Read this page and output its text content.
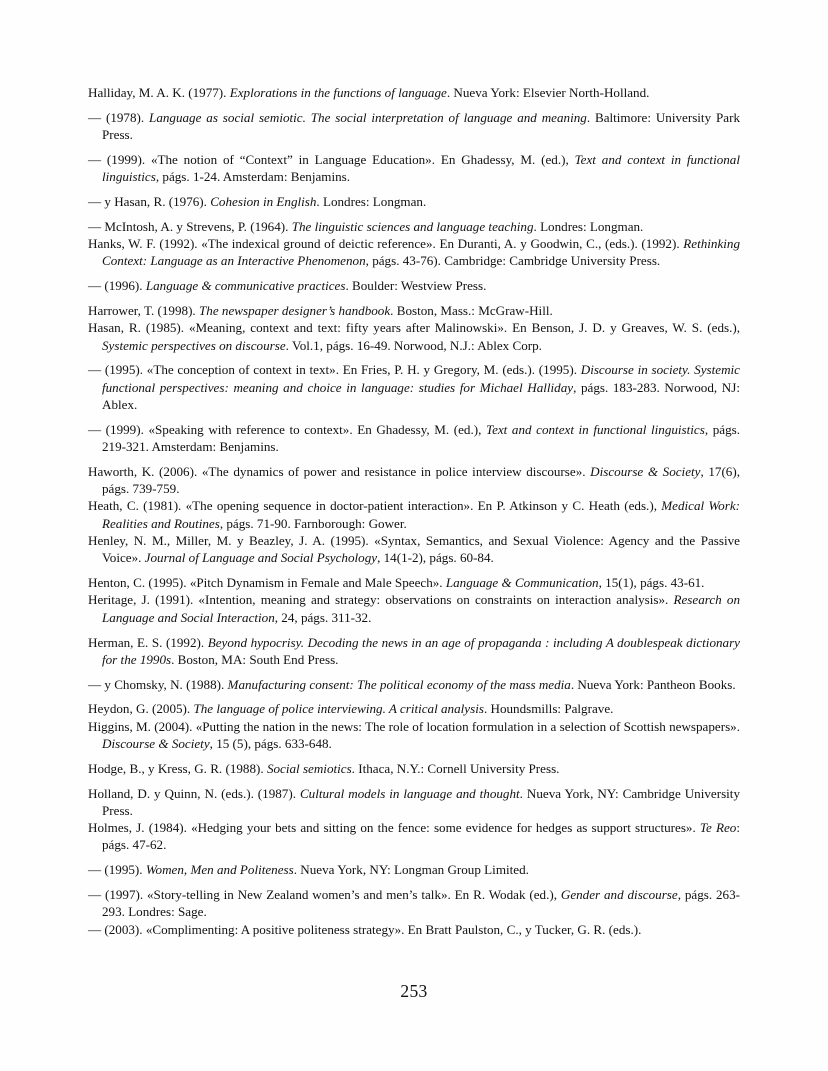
Halliday, M. A. K. (1977). Explorations in the functions of language. Nueva York: Elsevier North-Holland.

— (1978). Language as social semiotic. The social interpretation of language and meaning. Baltimore: University Park Press.

— (1999). «The notion of “Context” in Language Education». En Ghadessy, M. (ed.), Text and context in functional linguistics, págs. 1-24. Amsterdam: Benjamins.

— y Hasan, R. (1976). Cohesion in English. Londres: Longman.

— McIntosh, A. y Strevens, P. (1964). The linguistic sciences and language teaching. Londres: Longman.

Hanks, W. F. (1992). «The indexical ground of deictic reference». En Duranti, A. y Goodwin, C., (eds.). (1992). Rethinking Context: Language as an Interactive Phenomenon, págs. 43-76). Cambridge: Cambridge University Press.

— (1996). Language & communicative practices. Boulder: Westview Press.

Harrower, T. (1998). The newspaper designer’s handbook. Boston, Mass.: McGraw-Hill.

Hasan, R. (1985). «Meaning, context and text: fifty years after Malinowski». En Benson, J. D. y Greaves, W. S. (eds.), Systemic perspectives on discourse. Vol.1, págs. 16-49. Norwood, N.J.: Ablex Corp.

— (1995). «The conception of context in text». En Fries, P. H. y Gregory, M. (eds.). (1995). Discourse in society. Systemic functional perspectives: meaning and choice in language: studies for Michael Halliday, págs. 183-283. Norwood, NJ: Ablex.

— (1999). «Speaking with reference to context». En Ghadessy, M. (ed.), Text and context in functional linguistics, págs. 219-321. Amsterdam: Benjamins.

Haworth, K. (2006). «The dynamics of power and resistance in police interview discourse». Discourse & Society, 17(6), págs. 739-759.

Heath, C. (1981). «The opening sequence in doctor-patient interaction». En P. Atkinson y C. Heath (eds.), Medical Work: Realities and Routines, págs. 71-90. Farnborough: Gower.

Henley, N. M., Miller, M. y Beazley, J. A. (1995). «Syntax, Semantics, and Sexual Violence: Agency and the Passive Voice». Journal of Language and Social Psychology, 14(1-2), págs. 60-84.

Henton, C. (1995). «Pitch Dynamism in Female and Male Speech». Language & Communication, 15(1), págs. 43-61.

Heritage, J. (1991). «Intention, meaning and strategy: observations on constraints on interaction analysis». Research on Language and Social Interaction, 24, págs. 311-32.

Herman, E. S. (1992). Beyond hypocrisy. Decoding the news in an age of propaganda : including A doublespeak dictionary for the 1990s. Boston, MA: South End Press.

— y Chomsky, N. (1988). Manufacturing consent: The political economy of the mass media. Nueva York: Pantheon Books.

Heydon, G. (2005). The language of police interviewing. A critical analysis. Houndsmills: Palgrave.

Higgins, M. (2004). «Putting the nation in the news: The role of location formulation in a selection of Scottish newspapers». Discourse & Society, 15 (5), págs. 633-648.

Hodge, B., y Kress, G. R. (1988). Social semiotics. Ithaca, N.Y.: Cornell University Press.

Holland, D. y Quinn, N. (eds.). (1987). Cultural models in language and thought. Nueva York, NY: Cambridge University Press.

Holmes, J. (1984). «Hedging your bets and sitting on the fence: some evidence for hedges as support structures». Te Reo: págs. 47-62.

— (1995). Women, Men and Politeness. Nueva York, NY: Longman Group Limited.

— (1997). «Story-telling in New Zealand women’s and men’s talk». En R. Wodak (ed.), Gender and discourse, págs. 263-293. Londres: Sage.

— (2003). «Complimenting: A positive politeness strategy». En Bratt Paulston, C., y Tucker, G. R. (eds.).

253
